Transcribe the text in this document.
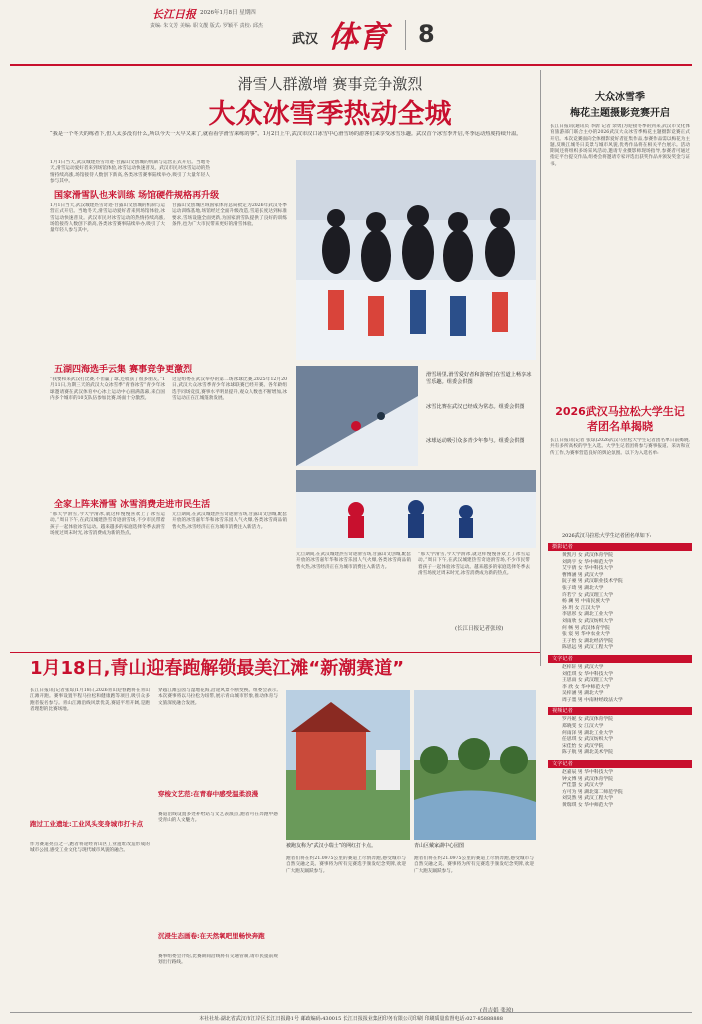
长江日报 2026年1月8日 星期四
责编: 朱文芳 美编: 职文靓 版式: 罗颖平 责校: 邱杰
武汉 体育 8
滑雪人群激增 赛事竞争激烈
大众冰雪季热动全城
“我是一个冬天的练者下,但人太多没有什么,所以今天一大早又来了,就看看学滑雪来练的事”。1月2日上午,武汉市汉口冰雪中心滑雪场的游客们来享受冰雪乐趣。武汉首个冰雪季开启,冬季运动热度持续升温。
1月1日当天,武汉城建热雪奇迹·甘露山文创城的机制与运营正式开启。当地冬天,滑雪运动爱好者来到场馆体验,冰雪运动快速普及。武汉市民对冰雪运动的热情持续高涨,场馆接待人数创下新高,各类冰雪赛事陆续举办,吸引了大量年轻人参与其中。
国家滑雪队也来训练 场馆硬件规格再升级
1月1日当天,武汉城建热雪奇迹·甘露山文创城的机制与运营正式开启。当地冬天,滑雪运动爱好者来到场馆体验,冰雪运动快速普及。武汉市民对冰雪运动的热情持续高涨,场馆接待人数创下新高,各类冰雪赛事陆续举办,吸引了大量年轻人参与其中。
甘露山文创城区域国家体育总局批定为2026年武汉冬季运动训练基地,场馆经过全面升级改造,雪道长度达到标准要求,雪场设施全面更新,为国家滑雪队提供了良好的训练条件,也为广大市民带来更好的滑雪体验。
五湖四海选手云集 赛事竞争更激烈
“我要和来武汉打比赛,不但赢了球,还收获了很多朋友。”1月11日,为期三天的武汉大众冰雪季“青春冰雪”青少年冰球邀请赛在武汉体育中心冰上运动中心圆满落幕,来自国内多个城市的10支队伍参加比赛,场面十分激烈。
这是组委在武汉举办的第二场冰球比赛,2025年12月20日,武汉大众冰雪季青少年冰球联赛已经开赛。各年龄组选手同场竞技,赛事水平明显提升,观众人数也不断增加,冰雪运动正在江城蓬勃发展。
全家上阵来滑雪 冰雪消费走进市民生活
“那天学滑雪,今天学滑冰,就这样慢慢喜欢上了冰雪运动。”周日下午,在武汉城建热雪奇迹滑雪场,不少市民带着孩子一起体验冰雪运动。越来越多的家庭选择冬季去滑雪场度过周末时光,冰雪消费成为新的热点。
元旦期间,在武汉城建热雪奇迹滑雪场,甘露山文创城,配套开放的冰雪嘉年华和冰雪乐园人气火爆,各类冰雪商品销售火热,冰雪经济正在为城市消费注入新活力。
元旦期间,在武汉城建热雪奇迹滑雪场,甘露山文创城,配套开放的冰雪嘉年华和冰雪乐园人气火爆,各类冰雪商品销售火热,冰雪经济正在为城市消费注入新活力。
“那天学滑雪,今天学滑冰,就这样慢慢喜欢上了冰雪运动。”周日下午,在武汉城建热雪奇迹滑雪场,不少市民带着孩子一起体验冰雪运动。越来越多的家庭选择冬季去滑雪场度过周末时光,冰雪消费成为新的热点。
(长江日报记者张琼)
滑雪场里,滑雪爱好者和游客们在雪道上畅享冰雪乐趣。组委会供图
冰雪比赛在武汉已经成为常态。组委会供图
冰球运动吸引众多青少年参与。组委会供图
大众冰雪季
梅花主题摄影竞赛开启
长江日报讯(通讯员 李蔚 记者 余勇)为迎接冬季的到来,武汉市文化体育旅游部门联合主办的2026武汉大众冰雪季梅花主题摄影竞赛正式开启。本次竞赛面向全体摄影爱好者征集作品,参赛作品需以梅花为主题,反映江城冬日美景与城市风貌,优秀作品将在相关平台展示。活动期间还将组织多场采风活动,邀请专业摄影师现场指导,参赛者可通过指定平台提交作品,组委会将邀请专家评选出获奖作品并颁发奖金与证书。
2026武汉马拉松大学生记者团名单揭晓
长江日报讯(记者 张琼)2026武汉马拉松大学生记者团名单日前揭晓,共有多所高校的学生入选。大学生记者团将参与赛事报道、采访和宣传工作,为赛事营造良好的舆论氛围。以下为入选名单:
2026武汉马拉松大学生记者团名单如下:
摄影记者
黄凯月 女 武汉体育学院
刘鸿宇 女 华中师范大学
艾宇倩 女 华中科技大学
曹博涵 男 武汉大学
阮子豪 男 武汉职业技术学院
张子琦 男 湖北大学
许若宁 女 武汉理工大学
杨 澜 男 中南民族大学
孙 玥 女 江汉大学
李思彤 女 湖北工业大学
刘雨欣 女 武汉纺织大学
何 畅 男 武汉体育学院
张 宸 男 华中农业大学
王子怡 女 湖北经济学院
陈思远 男 武汉工程大学
文字记者
赵梓轩 男 武汉大学
刘佳琪 女 华中科技大学
王思雨 女 武汉理工大学
李 欣 女 华中师范大学
吴梓涵 男 湖北大学
周子墨 男 中南财经政法大学
视频记者
罗丹妮 女 武汉体育学院
郑晓雯 女 江汉大学
何雨泽 男 湖北工业大学
任思琪 女 武汉纺织大学
宋佳怡 女 武汉学院
陈子航 男 湖北美术学院
文字记者
赵嘉辰 男 华中科技大学
钟文博 男 武汉体育学院
严佳慧 女 武汉大学
方可为 男 湖北第二师范学院
刘昊然 男 武汉工程大学
黄瑞琪 女 华中师范大学
1月18日,青山迎春跑解锁最美江滩“新潮赛道”
长江日报讯(记者张琼)1月18日,2026青山迎春跑将在青山江滩开跑。赛事设置半程马拉松和健康跑等项目,吸引众多跑者报名参与。青山江滩沿线风景优美,赛道平坦开阔,是跑者理想的比赛场地。
跑过工业遗址:工业风头变身城市打卡点
作为赛道亮点之一,跑者将途经青山区工业遗址改造形成的城市公园,感受工业文化与现代城市风貌的融合。
穿越江滩公园与湿地花海,沿途风景不断变换。组委会表示,本次赛事将以马拉松为纽带,展示青山城市形象,推动体育与文旅深度融合发展。
穿梭文艺范:在青春中感受温柔浪漫
赛道沿线设置多处补给站与文艺表演点,跑者可在奔跑中感受青山的人文魅力。
沉浸生态画卷:在天然氧吧里畅快奔跑
赛事组委会介绍,比赛期间沿线将有交通管制,请市民提前规划出行路线。
被跑友称为“武汉小瑞士”的网红打卡点。	青山区戴家湖中心园图
跑者们将在约21.0975公里的赛道上尽情奔跑,感受城市与自然交融之美。赛事将为所有完赛选手颁发纪念奖牌,欢迎广大跑友踊跃参与。
跑者们将在约21.0975公里的赛道上尽情奔跑,感受城市与自然交融之美。赛事将为所有完赛选手颁发纪念奖牌,欢迎广大跑友踊跃参与。
(青吉娟 张琼)
本社社址:湖北省武汉市江岸区长江日报路1号 邮政编码:430015 长江日报报业集团印务有限公司印刷 印刷质量监督电话:027-85888888
